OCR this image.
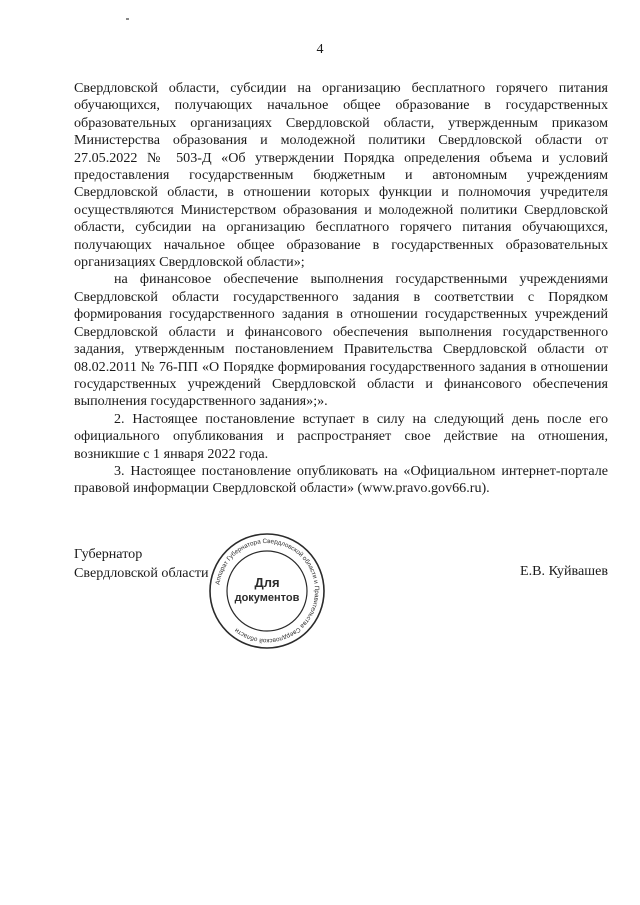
4

Свердловской области, субсидии на организацию бесплатного горячего питания обучающихся, получающих начальное общее образование в государственных образовательных организациях Свердловской области, утвержденным приказом Министерства образования и молодежной политики Свердловской области от 27.05.2022 № 503-Д «Об утверждении Порядка определения объема и условий предоставления государственным бюджетным и автономным учреждениям Свердловской области, в отношении которых функции и полномочия учредителя осуществляются Министерством образования и молодежной политики Свердловской области, субсидии на организацию бесплатного горячего питания обучающихся, получающих начальное общее образование в государственных образовательных организациях Свердловской области»;

на финансовое обеспечение выполнения государственными учреждениями Свердловской области государственного задания в соответствии с Порядком формирования государственного задания в отношении государственных учреждений Свердловской области и финансового обеспечения выполнения государственного задания, утвержденным постановлением Правительства Свердловской области от 08.02.2011 № 76-ПП «О Порядке формирования государственного задания в отношении государственных учреждений Свердловской области и финансового обеспечения выполнения государственного задания»;».

2. Настоящее постановление вступает в силу на следующий день после его официального опубликования и распространяет свое действие на отношения, возникшие с 1 января 2022 года.

3. Настоящее постановление опубликовать на «Официальном интернет-портале правовой информации Свердловской области» (www.pravo.gov66.ru).

Губернатор
Свердловской области	Е.В. Куйвашев
Аппарат Губернатора Свердловской области и Правительства Свердловской области
Для
документов
